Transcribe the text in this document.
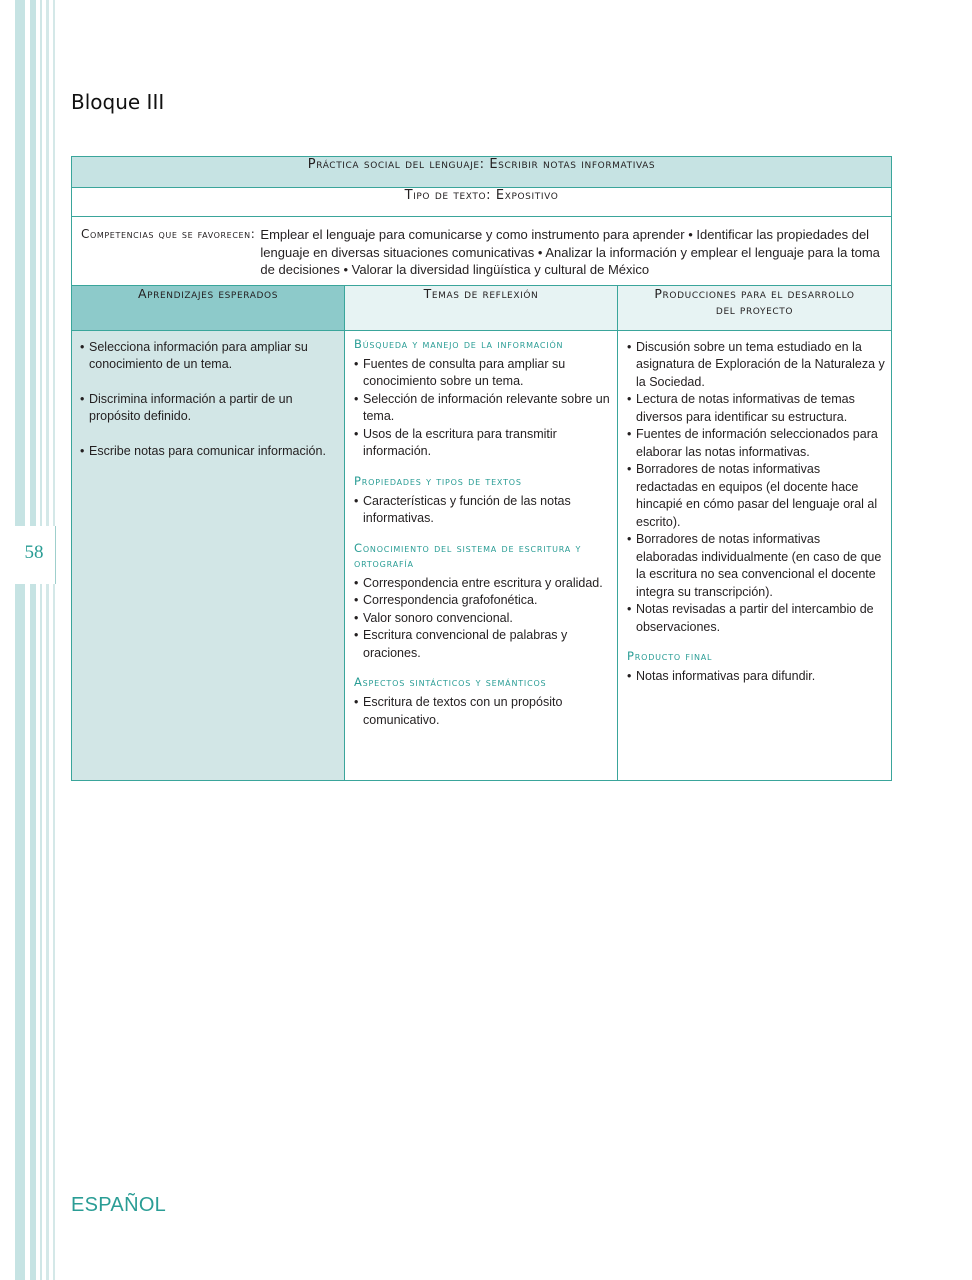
58
Bloque III
Práctica social del lenguaje: Escribir notas informativas		
Tipo de texto: Expositivo		

Competencias que se favorecen: Emplear el lenguaje para comunicarse y como instrumento para aprender • Identificar las propiedades del lenguaje en diversas situaciones comunicativas • Analizar la información y emplear el lenguaje para la toma de decisiones • Valorar la diversidad lingüística y cultural de México		

Aprendizajes esperados	Temas de reflexión	Producciones para el desarrollo del proyecto

• Selecciona información para ampliar su conocimiento de un tema.
• Discrimina información a partir de un propósito definido.
• Escribe notas para comunicar información.

Búsqueda y manejo de la información
• Fuentes de consulta para ampliar su conocimiento sobre un tema.
• Selección de información relevante sobre un tema.
• Usos de la escritura para transmitir información.
Propiedades y tipos de textos
• Características y función de las notas informativas.
Conocimiento del sistema de escritura y ortografía
• Correspondencia entre escritura y oralidad.
• Correspondencia grafofonética.
• Valor sonoro convencional.
• Escritura convencional de palabras y oraciones.
Aspectos sintácticos y semánticos
• Escritura de textos con un propósito comunicativo.

• Discusión sobre un tema estudiado en la asignatura de Exploración de la Naturaleza y la Sociedad.
• Lectura de notas informativas de temas diversos para identificar su estructura.
• Fuentes de información seleccionados para elaborar las notas informativas.
• Borradores de notas informativas redactadas en equipos (el docente hace hincapié en cómo pasar del lenguaje oral al escrito).
• Borradores de notas informativas elaboradas individualmente (en caso de que la escritura no sea convencional el docente integra su transcripción).
• Notas revisadas a partir del intercambio de observaciones.
Producto final
• Notas informativas para difundir.
ESPAÑOL
